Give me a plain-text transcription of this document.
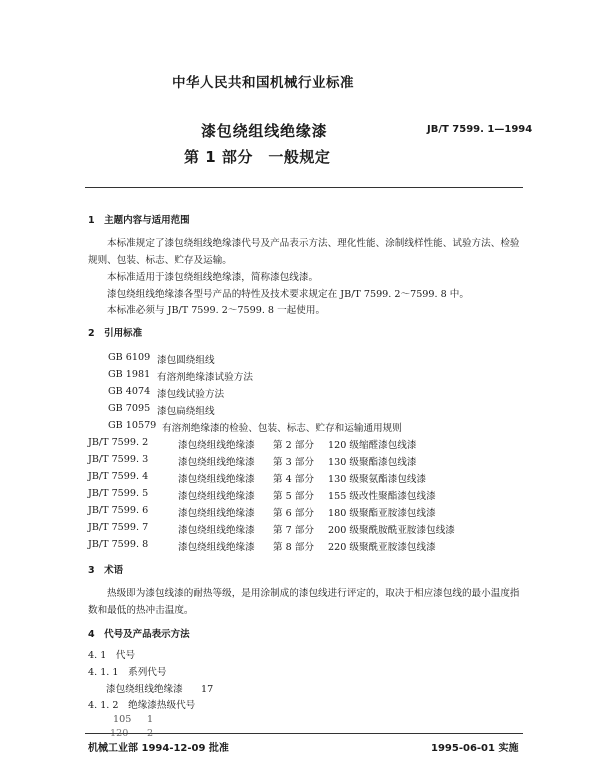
中华人民共和国机械行业标准
漆包绕组线绝缘漆
第 1 部分　一般规定
JB/T 7599. 1—1994
1　主题内容与适用范围
本标准规定了漆包绕组线绝缘漆代号及产品表示方法、理化性能、涂制线样性能、试验方法、检验规则、包装、标志、贮存及运输。
本标准适用于漆包绕组线绝缘漆，简称漆包线漆。
漆包绕组线绝缘漆各型号产品的特性及技术要求规定在 JB/T 7599. 2～7599. 8 中。
本标准必须与 JB/T 7599. 2～7599. 8 一起使用。
2　引用标准
GB 6109 漆包圆绕组线
GB 1981 有溶剂绝缘漆试验方法
GB 4074 漆包线试验方法
GB 7095 漆包扁绕组线
GB 10579 有溶剂绝缘漆的检验、包装、标志、贮存和运输通用规则
JB/T 7599. 2	漆包绕组线绝缘漆 第 2 部分 120 级缩醛漆包线漆
JB/T 7599. 3	漆包绕组线绝缘漆 第 3 部分 130 级聚酯漆包线漆
JB/T 7599. 4	漆包绕组线绝缘漆 第 4 部分 130 级聚氨酯漆包线漆
JB/T 7599. 5	漆包绕组线绝缘漆 第 5 部分 155 级改性聚酯漆包线漆
JB/T 7599. 6	漆包绕组线绝缘漆 第 6 部分 180 级聚酯亚胺漆包线漆
JB/T 7599. 7	漆包绕组线绝缘漆 第 7 部分 200 级聚酰胺酰亚胺漆包线漆
JB/T 7599. 8	漆包绕组线绝缘漆 第 8 部分 220 级聚酰亚胺漆包线漆
3　术语
热级即为漆包线漆的耐热等级，是用涂制成的漆包线进行评定的，取决于相应漆包线的最小温度指数和最低的热冲击温度。
4　代号及产品表示方法
4. 1　代号
4. 1. 1　系列代号
漆包绕组线绝缘漆 17
4. 1. 2　绝缘漆热级代号
105 1
120 2
机械工业部 1994-12-09 批准	1995-06-01 实施
